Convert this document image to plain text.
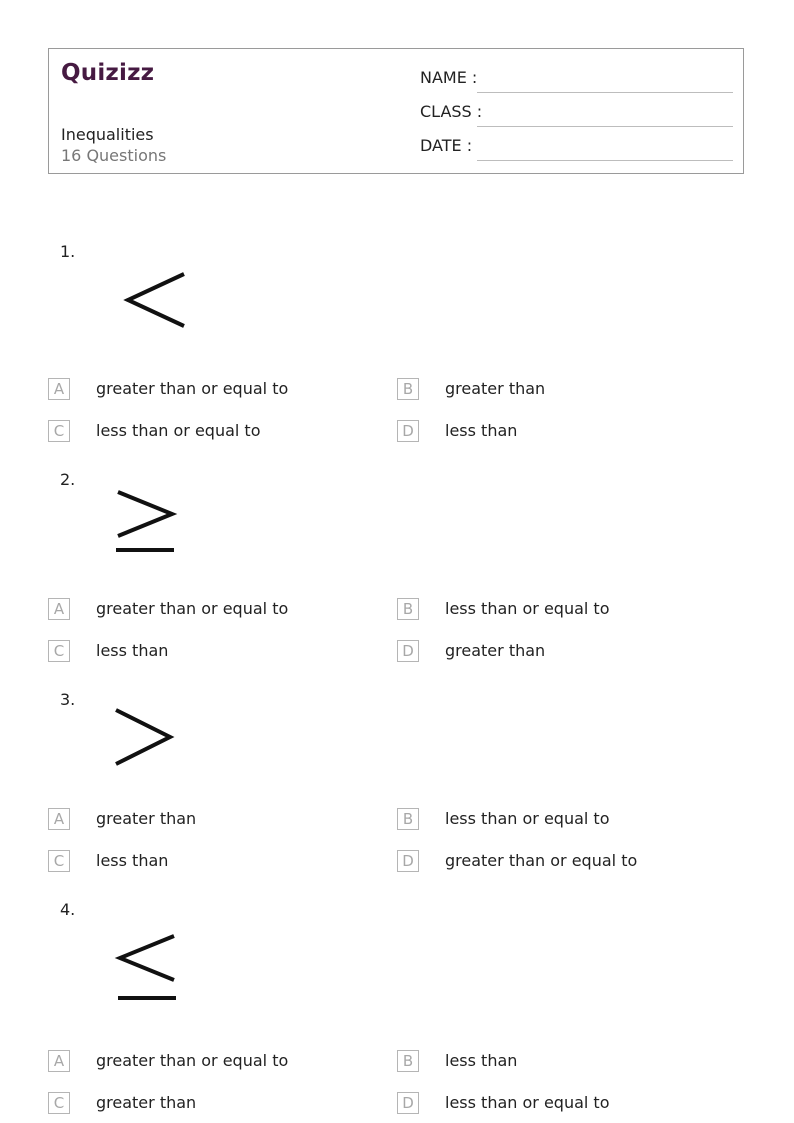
Quizizz
Inequalities
16 Questions
NAME :
CLASS :
DATE :
1.
A	greater than or equal to	B	greater than
C	less than or equal to	D	less than
2.
A	greater than or equal to	B	less than or equal to
C	less than	D	greater than
3.
A	greater than	B	less than or equal to
C	less than	D	greater than or equal to
4.
A	greater than or equal to	B	less than
C	greater than	D	less than or equal to
